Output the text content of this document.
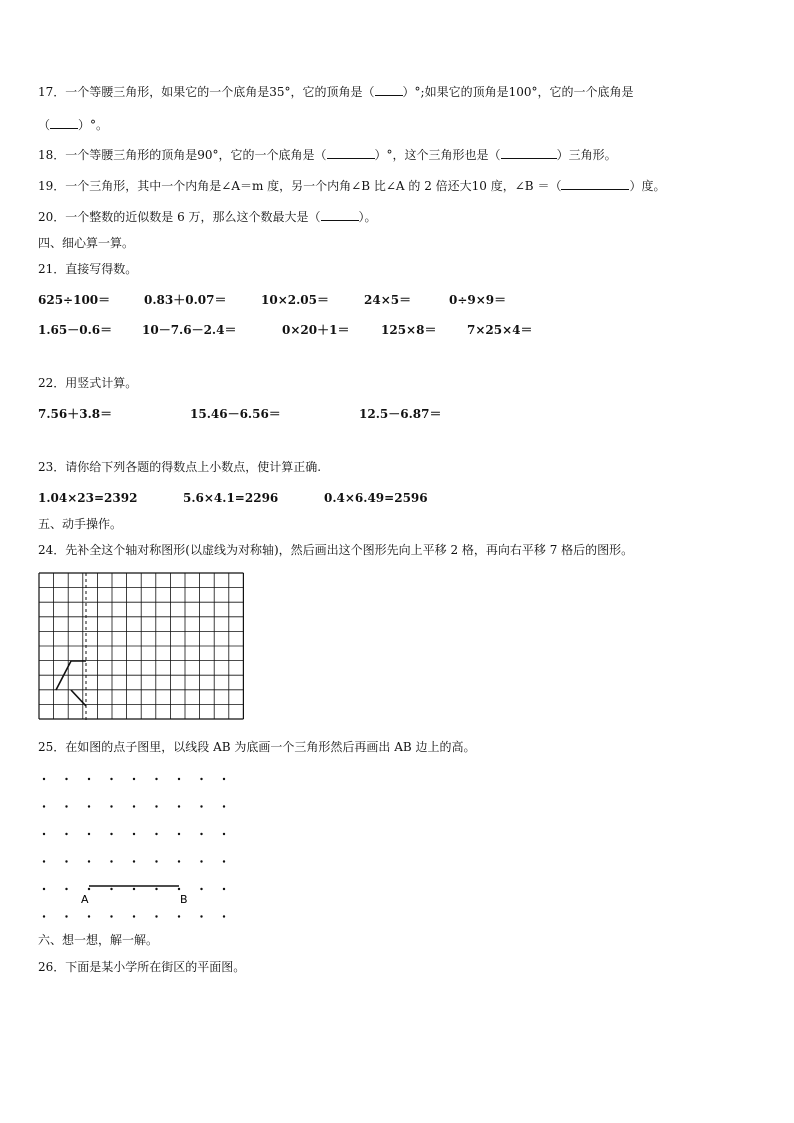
17．一个等腰三角形，如果它的一个底角是35°，它的顶角是（ ）°;如果它的顶角是100°，它的一个底角是
（ ）°。
18．一个等腰三角形的顶角是90°，它的一个底角是（	）°，这个三角形也是（	）三角形。
19．一个三角形，其中一个内角是∠A＝m 度，另一个内角∠B 比∠A 的 2 倍还大10 度，∠B ＝（	）度。
20．一个整数的近似数是 6 万，那么这个数最大是（	）。
四、细心算一算。
21．直接写得数。
625÷100＝	0.83＋0.07＝	10×2.05＝	24×5＝	0÷9×9＝
1.65－0.6＝ 10－7.6－2.4＝	0×20＋1＝	125×8＝	7×25×4＝
22．用竖式计算。
7.56＋3.8＝	15.46－6.56＝	12.5－6.87＝
23．请你给下列各题的得数点上小数点，使计算正确.
1.04×23=2392	5.6×4.1=2296	0.4×6.49=2596
五、动手操作。
24．先补全这个轴对称图形(以虚线为对称轴)，然后画出这个图形先向上平移 2 格，再向右平移 7 格后的图形。
25．在如图的点子图里，以线段 AB 为底画一个三角形然后再画出 AB 边上的高。
A	B
六、想一想，解一解。
26．下面是某小学所在街区的平面图。
